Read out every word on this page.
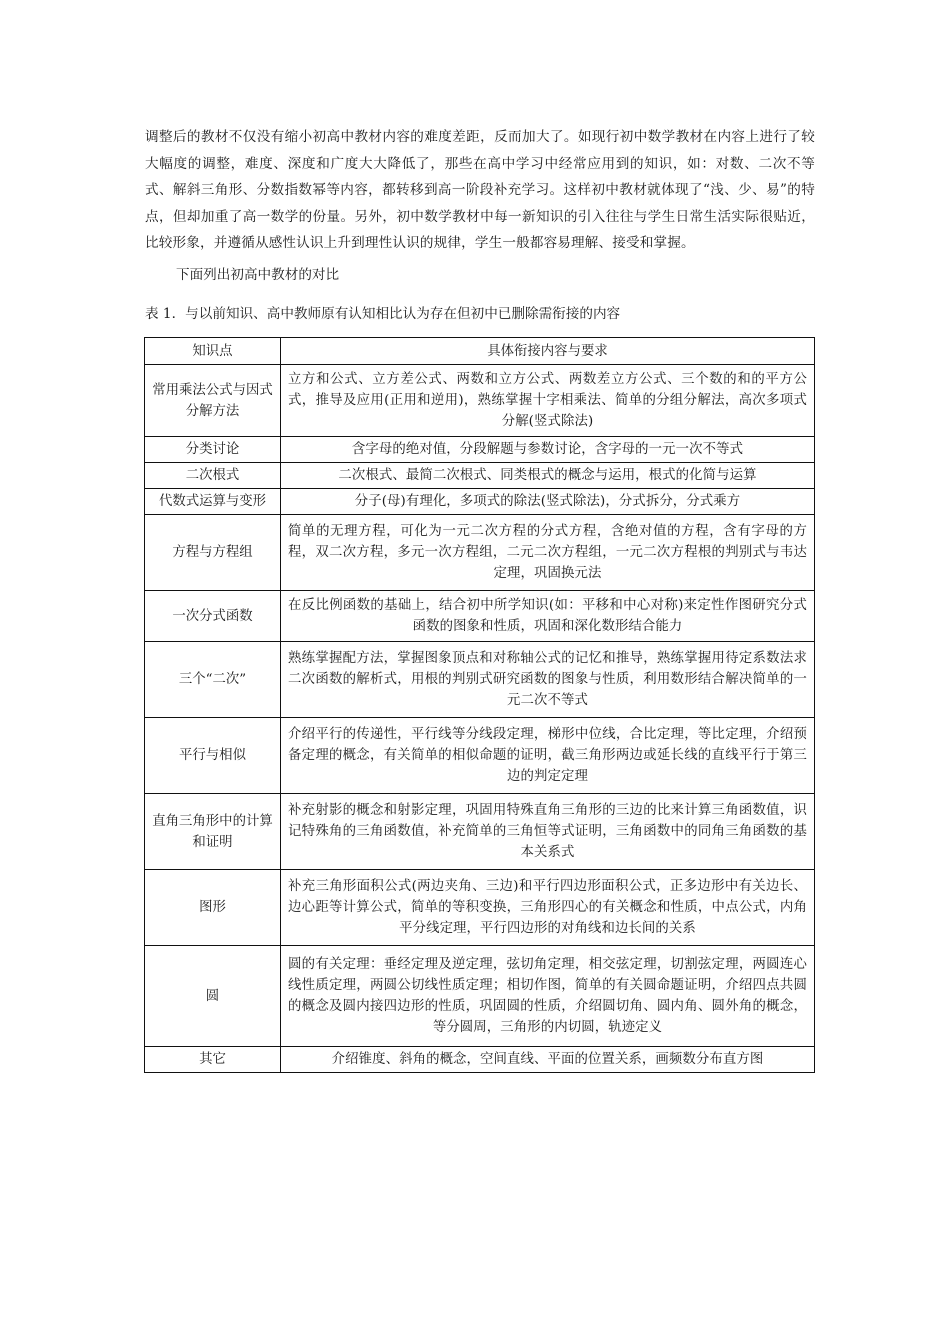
调整后的教材不仅没有缩小初高中教材内容的难度差距，反而加大了。如现行初中数学教材在内容上进行了较大幅度的调整，难度、深度和广度大大降低了，那些在高中学习中经常应用到的知识，如：对数、二次不等式、解斜三角形、分数指数幂等内容，都转移到高一阶段补充学习。这样初中教材就体现了“浅、少、易”的特点，但却加重了高一数学的份量。另外，初中数学教材中每一新知识的引入往往与学生日常生活实际很贴近，比较形象，并遵循从感性认识上升到理性认识的规律，学生一般都容易理解、接受和掌握。

下面列出初高中教材的对比

表 1．与以前知识、高中教师原有认知相比认为存在但初中已删除需衔接的内容

知识点	具体衔接内容与要求
常用乘法公式与因式分解方法	立方和公式、立方差公式、两数和立方公式、两数差立方公式、三个数的和的平方公式，推导及应用(正用和逆用)，熟练掌握十字相乘法、简单的分组分解法，高次多项式分解(竖式除法)
分类讨论	含字母的绝对值，分段解题与参数讨论，含字母的一元一次不等式
二次根式	二次根式、最简二次根式、同类根式的概念与运用，根式的化简与运算
代数式运算与变形	分子(母)有理化，多项式的除法(竖式除法)，分式拆分，分式乘方
方程与方程组	简单的无理方程，可化为一元二次方程的分式方程，含绝对值的方程，含有字母的方程，双二次方程，多元一次方程组，二元二次方程组，一元二次方程根的判别式与韦达定理，巩固换元法
一次分式函数	在反比例函数的基础上，结合初中所学知识(如：平移和中心对称)来定性作图研究分式函数的图象和性质，巩固和深化数形结合能力
三个“二次”	熟练掌握配方法，掌握图象顶点和对称轴公式的记忆和推导，熟练掌握用待定系数法求二次函数的解析式，用根的判别式研究函数的图象与性质，利用数形结合解决简单的一元二次不等式
平行与相似	介绍平行的传递性，平行线等分线段定理，梯形中位线，合比定理，等比定理，介绍预备定理的概念，有关简单的相似命题的证明，截三角形两边或延长线的直线平行于第三边的判定定理
直角三角形中的计算和证明	补充射影的概念和射影定理，巩固用特殊直角三角形的三边的比来计算三角函数值，识记特殊角的三角函数值，补充简单的三角恒等式证明，三角函数中的同角三角函数的基本关系式
图形	补充三角形面积公式(两边夹角、三边)和平行四边形面积公式，正多边形中有关边长、边心距等计算公式，简单的等积变换，三角形四心的有关概念和性质，中点公式，内角平分线定理，平行四边形的对角线和边长间的关系
圆	圆的有关定理：垂经定理及逆定理，弦切角定理，相交弦定理，切割弦定理，两圆连心线性质定理，两圆公切线性质定理；相切作图，简单的有关圆命题证明，介绍四点共圆的概念及圆内接四边形的性质，巩固圆的性质，介绍圆切角、圆内角、圆外角的概念，等分圆周，三角形的内切圆，轨迹定义
其它	介绍锥度、斜角的概念，空间直线、平面的位置关系，画频数分布直方图
